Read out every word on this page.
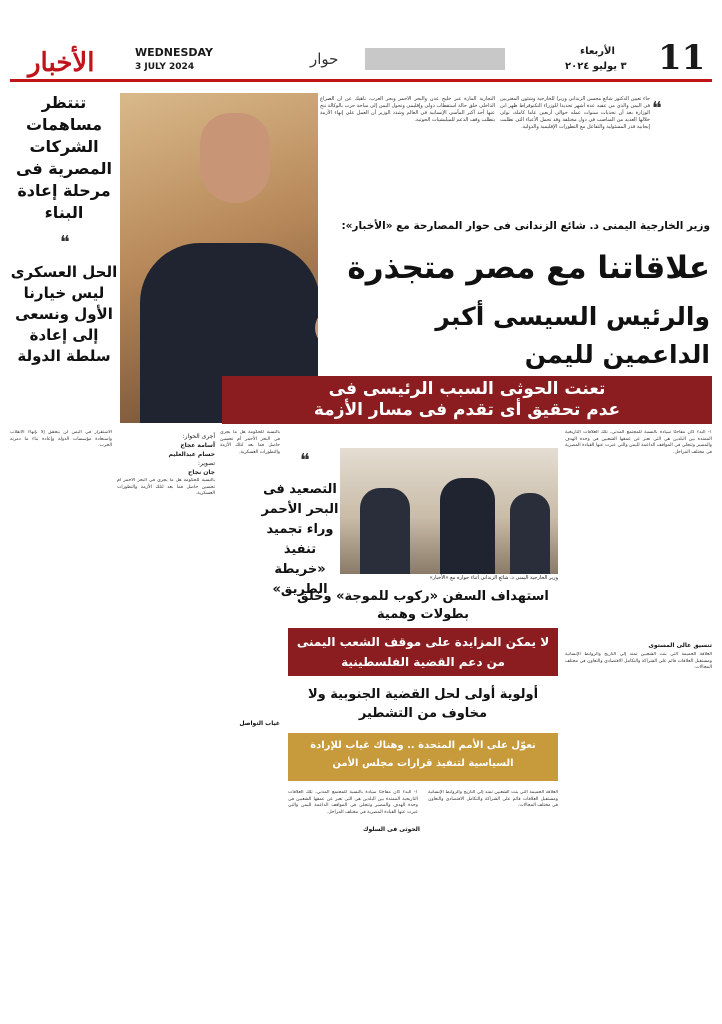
الأخبار	WEDNESDAY
3 JULY 2024	حوار	الأربعاء
٣ يوليو ٢٠٢٤ 11
❝
جاء تعيين الدكتور شائع محسن الزندانى وزيرا للخارجية وشئون المغتربين فى اليمن والذى من عقبه عدة أشهر تحديدا للوزراء التكنوقراط ظهر ابن الوزارة بعد أن تحديات سنوات عمله حوالى أربعين عاما كاملة، تولى خلالها العديد من المناصب فى دول مختلفة وقد تحمل الأعباء التى تطلبت إيجابية قدر المسئولية والتفاعل مع التطورات الإقليمية والدولية.
التجارية المارة عبر خليج عدن والبحر الأحمر وبحر العرب، ناهيك عن أن الصراع الداخلى خلق حالة استقطاب دولى وإقليمى وتحول اليمن إلى ساحة حرب بالوكالة نتج عنها أحد أكبر المآسى الإنسانية فى العالم وشدد الوزير أن العمل على إنهاء الأزمة يتطلب وقف الدعم للميليشيات الحوثية.
تنتظر مساهمات الشركات المصرية فى مرحلة إعادة البناء
❝
الحل العسكرى ليس خيارنا الأول ونسعى إلى إعادة سلطة الدولة
وزير الخارجية اليمنى د. شائع الزندانى فى حوار المصارحة مع «الأخبار»:
علاقاتنا مع مصر متجذرة
والرئيس السيسى أكبر الداعمين لليمن
تعنت الحوثى السبب الرئيسى فى
عدم تحقيق أى تقدم فى مسار الأزمة
الاستقرار فى اليمن لن يتحقق إلا بإنهاء الانقلاب واستعادة مؤسسات الدولة وإعادة بناء ما دمرته الحرب.
بالنسبة للحكومة هل ما يجرى فى البحر الأحمر أم تحسين حاصل فما بعد لتلك الأزمة والتطورات العسكرية.
أجرى الحوار:
أسامة عجاج
حسام عبدالعليم
تصوير:
جان نجاح
بالنسبة للحكومة هل ما يجرى فى البحر الأحمر أم تحسين حاصل فما بعد لتلك الأزمة والتطورات العسكرية. ❝
التصعيد فى البحر الأحمر وراء تجميد تنفيذ «خريطة الطريق»
وزير الخارجية اليمنى د. شائع الزندانى أثناء حواره مع «الأخبار»
استهداف السفن «ركوب للموجة» وخلق بطولات وهمية
لا يمكن المزايدة على موقف الشعب اليمنى من دعم القضية الفلسطينية
أولوية أولى لحل القضية الجنوبية ولا مخاوف من التشطير
نعوّل على الأمم المتحدة .. وهناك غياب للإرادة السياسية لتنفيذ قرارات مجلس الأمن
١- البدء كان مفاجئا سيادة بالنسبة للمجتمع المدنى، تلك العلاقات التاريخية الممتدة بين البلدين هى التى تعبر عن عمقها الشعبين فى وحدة الهدف والمصير وتتجلى فى المواقف الداعمة لليمن والتى عبرت عنها القيادة المصرية فى مختلف المراحل.
العلاقة الحميمة التى بنت الشعبين تمتد إلى التاريخ والروابط الإنسانية ومستقبل العلاقات قائم على الشراكة والتكامل الاقتصادى والتعاون فى مختلف المجالات.
١- البدء كان مفاجئا سيادة بالنسبة للمجتمع المدنى، تلك العلاقات التاريخية الممتدة بين البلدين هى التى تعبر عن عمقها الشعبين فى وحدة الهدف والمصير وتتجلى فى المواقف الداعمة لليمن والتى عبرت عنها القيادة المصرية فى مختلف المراحل.
تنسيق عالى المستوى
العلاقة الحميمة التى بنت الشعبين تمتد إلى التاريخ والروابط الإنسانية ومستقبل العلاقات قائم على الشراكة والتكامل الاقتصادى والتعاون فى مختلف المجالات.
الحوثى فى السلوك
غياب التواصل
